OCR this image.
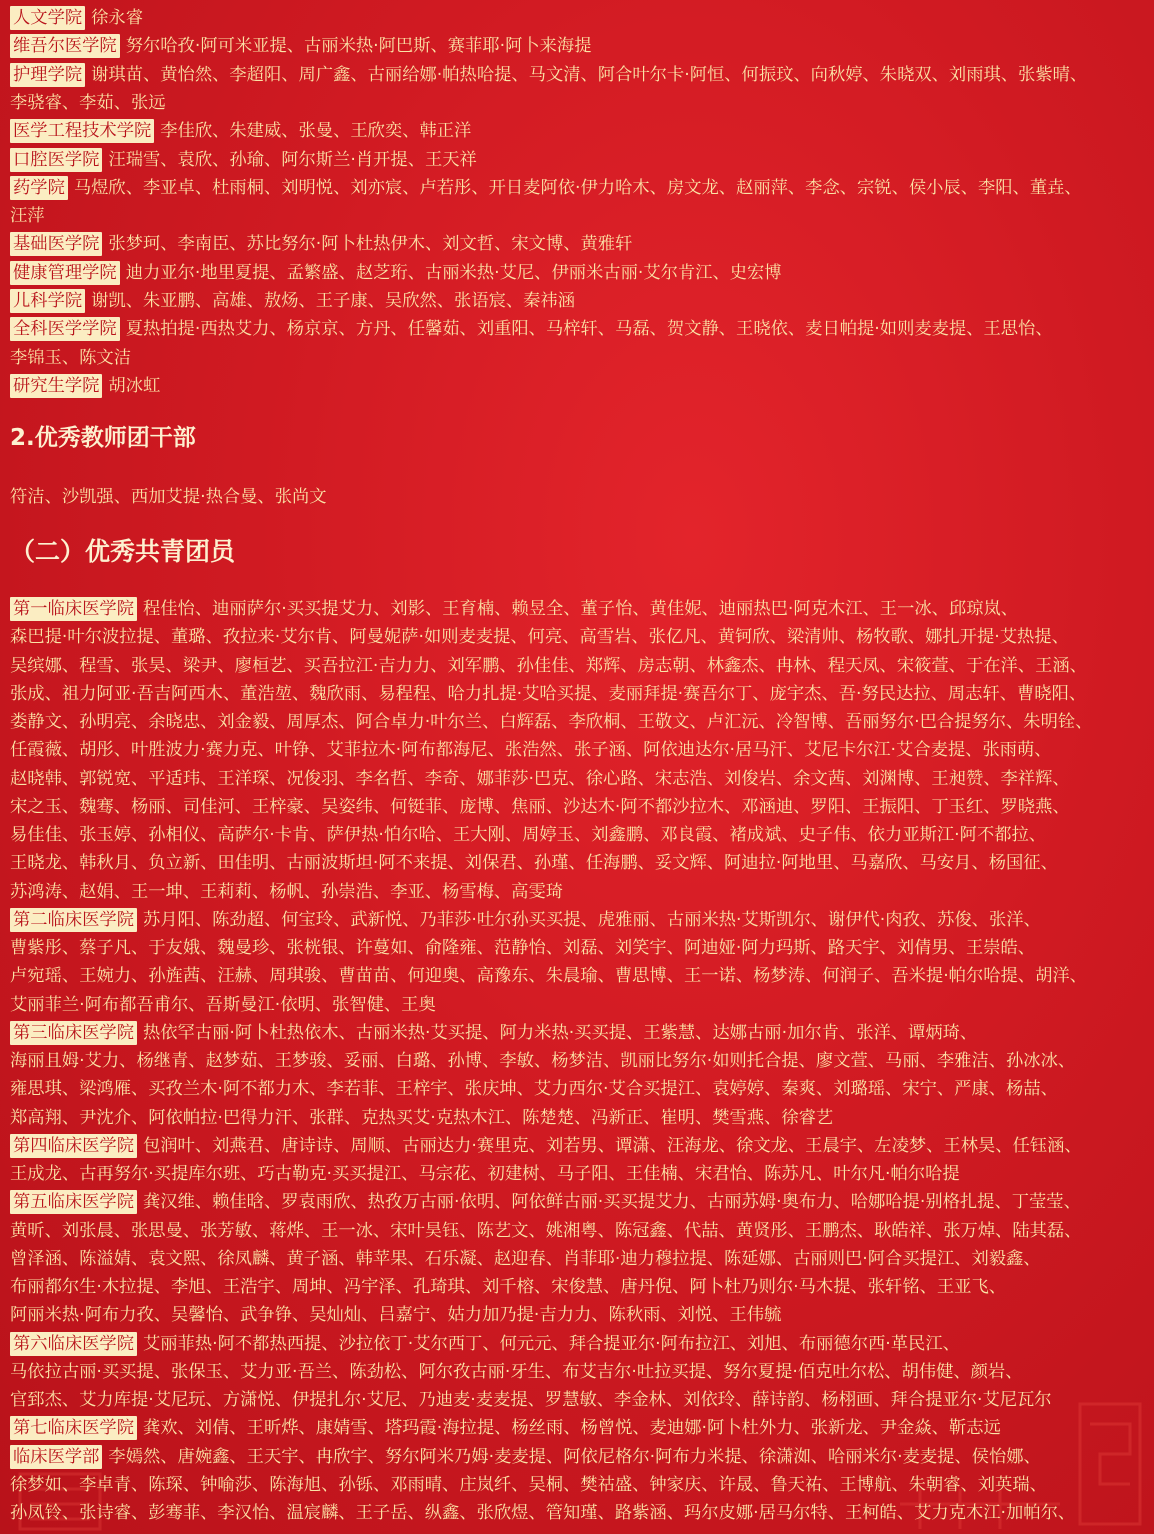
人文学院 徐永睿
维吾尔医学院 努尔哈孜·阿可米亚提、古丽米热·阿巴斯、赛菲耶·阿卜来海提
护理学院 谢琪苗、黄怡然、李超阳、周广鑫、古丽给娜·帕热哈提、马文清、阿合叶尔卡·阿恒、何振玟、向秋婷、朱晓双、刘雨琪、张紫晴、
李骁睿、李茹、张远
医学工程技术学院 李佳欣、朱建威、张曼、王欣奕、韩正洋
口腔医学院 汪瑞雪、袁欣、孙瑜、阿尔斯兰·肖开提、王天祥
药学院 马煜欣、李亚卓、杜雨桐、刘明悦、刘亦宸、卢若彤、开日麦阿依·伊力哈木、房文龙、赵丽萍、李念、宗锐、侯小辰、李阳、董垚、
汪萍
基础医学院 张梦珂、李南臣、苏比努尔·阿卜杜热伊木、刘文哲、宋文博、黄雅轩
健康管理学院 迪力亚尔·地里夏提、孟繁盛、赵芝珩、古丽米热·艾尼、伊丽米古丽·艾尔肯江、史宏博
儿科学院 谢凯、朱亚鹏、高雄、敖炀、王子康、吴欣然、张语宸、秦祎涵
全科医学学院 夏热拍提·西热艾力、杨京京、方丹、任馨茹、刘重阳、马梓轩、马磊、贺文静、王晓依、麦日帕提·如则麦麦提、王思怡、
李锦玉、陈文洁
研究生学院 胡冰虹
2.优秀教师团干部
符洁、沙凯强、西加艾提·热合曼、张尚文
（二）优秀共青团员
第一临床医学院 程佳怡、迪丽萨尔·买买提艾力、刘影、王育楠、赖昱全、董子怡、黄佳妮、迪丽热巴·阿克木江、王一冰、邱琼岚、
森巴提·叶尔波拉提、董璐、孜拉来·艾尔肯、阿曼妮萨·如则麦麦提、何亮、高雪岩、张亿凡、黄钶欣、梁清帅、杨牧歌、娜扎开提·艾热提、
吴缤娜、程雪、张昊、梁尹、廖桓艺、买吾拉江·吉力力、刘军鹏、孙佳佳、郑辉、房志朝、林鑫杰、冉林、程天凤、宋筱萱、于在洋、王涵、
张成、祖力阿亚·吾吉阿西木、董浩堃、魏欣雨、易程程、哈力扎提·艾哈买提、麦丽拜提·赛吾尔丁、庞宇杰、吾·努民达拉、周志轩、曹晓阳、
娄静文、孙明亮、余晓忠、刘金毅、周厚杰、阿合卓力·叶尔兰、白辉磊、李欣桐、王敬文、卢汇沅、冷智博、吾丽努尔·巴合提努尔、朱明铨、
任霞薇、胡彤、叶胜波力·赛力克、叶铮、艾菲拉木·阿布都海尼、张浩然、张子涵、阿依迪达尔·居马汗、艾尼卡尔江·艾合麦提、张雨萌、
赵晓韩、郭锐宽、平适玮、王洋琛、况俊羽、李名哲、李奇、娜菲莎·巴克、徐心路、宋志浩、刘俊岩、余文茜、刘渊博、王昶赞、李祥辉、
宋之玉、魏骞、杨丽、司佳河、王梓豪、吴姿纬、何铤菲、庞博、焦丽、沙达木·阿不都沙拉木、邓涵迪、罗阳、王振阳、丁玉红、罗晓燕、
易佳佳、张玉婷、孙相仪、高萨尔·卡肯、萨伊热·怕尔哈、王大刚、周婷玉、刘鑫鹏、邓良霞、褚成斌、史子伟、依力亚斯江·阿不都拉、
王晓龙、韩秋月、负立新、田佳明、古丽波斯坦·阿不来提、刘保君、孙瑾、任海鹏、妥文辉、阿迪拉·阿地里、马嘉欣、马安月、杨国征、
苏鸿涛、赵娟、王一坤、王莉莉、杨帆、孙崇浩、李亚、杨雪梅、高雯琦
第二临床医学院 苏月阳、陈劲超、何宝玲、武新悦、乃菲莎·吐尔孙买买提、虎雅丽、古丽米热·艾斯凯尔、谢伊代·肉孜、苏俊、张洋、
曹紫彤、蔡子凡、于友娥、魏曼珍、张桄银、许蔓如、俞隆雍、范静怡、刘磊、刘笑宇、阿迪娅·阿力玛斯、路天宇、刘倩男、王崇皓、
卢宛瑶、王婉力、孙旌茜、汪赫、周琪骏、曹苗苗、何迎奥、高豫东、朱晨瑜、曹思博、王一诺、杨梦涛、何润子、吾米提·帕尔哈提、胡洋、
艾丽菲兰·阿布都吾甫尔、吾斯曼江·依明、张智健、王奥
第三临床医学院 热依罕古丽·阿卜杜热依木、古丽米热·艾买提、阿力米热·买买提、王紫慧、达娜古丽·加尔肯、张洋、谭炳琦、
海丽且姆·艾力、杨继青、赵梦茹、王梦骏、妥丽、白璐、孙博、李敏、杨梦洁、凯丽比努尔·如则托合提、廖文萱、马丽、李雅洁、孙冰冰、
雍思琪、梁鸿雁、买孜兰木·阿不都力木、李若菲、王梓宇、张庆坤、艾力西尔·艾合买提江、袁婷婷、秦爽、刘璐瑶、宋宁、严康、杨喆、
郑高翔、尹沈介、阿依帕拉·巴得力汗、张群、克热买艾·克热木江、陈楚楚、冯新正、崔明、樊雪燕、徐睿艺
第四临床医学院 包润叶、刘燕君、唐诗诗、周顺、古丽达力·赛里克、刘若男、谭潇、汪海龙、徐文龙、王晨宇、左凌梦、王林昊、任钰涵、
王成龙、古再努尔·买提库尔班、巧古勒克·买买提江、马宗花、初建树、马子阳、王佳楠、宋君怡、陈苏凡、叶尔凡·帕尔哈提
第五临床医学院 龚汉维、赖佳晗、罗袁雨欣、热孜万古丽·依明、阿依鲜古丽·买买提艾力、古丽苏姆·奥布力、哈娜哈提·别格扎提、丁莹莹、
黄昕、刘张晨、张思曼、张芳敏、蒋烨、王一冰、宋叶昊钰、陈艺文、姚湘粤、陈冠鑫、代喆、黄贤彤、王鹏杰、耿皓祥、张万焯、陆其磊、
曾泽涵、陈溢婧、袁文熙、徐凤麟、黄子涵、韩苹果、石乐凝、赵迎春、肖菲耶·迪力穆拉提、陈延娜、古丽则巴·阿合买提江、刘毅鑫、
布丽都尔生·木拉提、李旭、王浩宇、周坤、冯宇泽、孔琦琪、刘千榕、宋俊慧、唐丹倪、阿卜杜乃则尔·马木提、张轩铭、王亚飞、
阿丽米热·阿布力孜、吴馨怡、武争铮、吴灿灿、吕嘉宁、姑力加乃提·吉力力、陈秋雨、刘悦、王伟毓
第六临床医学院 艾丽菲热·阿不都热西提、沙拉依丁·艾尔西丁、何元元、拜合提亚尔·阿布拉江、刘旭、布丽德尔西·革民江、
马依拉古丽·买买提、张保玉、艾力亚·吾兰、陈劲松、阿尔孜古丽·牙生、布艾吉尔·吐拉买提、努尔夏提·佰克吐尔松、胡伟健、颜岩、
官郅杰、艾力库提·艾尼玩、方潇悦、伊提扎尔·艾尼、乃迪麦·麦麦提、罗慧敏、李金林、刘依玲、薛诗韵、杨栩画、拜合提亚尔·艾尼瓦尔
第七临床医学院 龚欢、刘倩、王昕烨、康婧雪、塔玛霞·海拉提、杨丝雨、杨曾悦、麦迪娜·阿卜杜外力、张新龙、尹金焱、靳志远
临床医学部 李嫣然、唐婉鑫、王天宇、冉欣宇、努尔阿米乃姆·麦麦提、阿依尼格尔·阿布力米提、徐潇洳、哈丽米尔·麦麦提、侯怡娜、
徐梦如、李卓青、陈琛、钟喻莎、陈海旭、孙铄、邓雨晴、庄岚纤、吴桐、樊祜盛、钟家庆、许晟、鲁天祐、王博航、朱朝睿、刘英瑞、
孙凤铃、张诗睿、彭骞菲、李汉怡、温宸麟、王子岳、纵鑫、张欣煜、管知瑾、路紫涵、玛尔皮娜·居马尔特、王柯皓、艾力克木江·加帕尔、
